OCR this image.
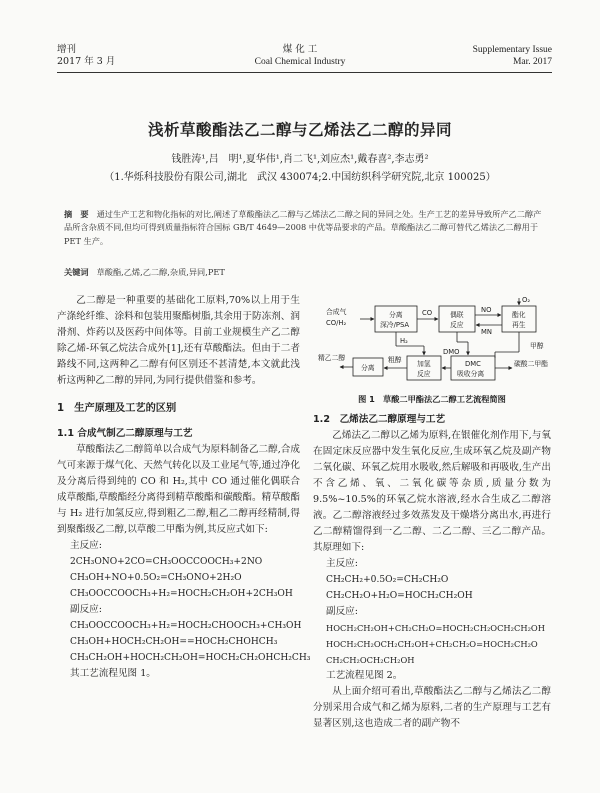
增刊
2017 年 3 月
煤 化 工
Coal Chemical Industry
Supplementary Issue
Mar. 2017
浅析草酸酯法乙二醇与乙烯法乙二醇的异同
钱胜涛¹,吕　明¹,夏华伟¹,肖二飞¹,刘应杰¹,戴春喜²,李志勇²
（1.华烁科技股份有限公司,湖北　武汉 430074;2.中国纺织科学研究院,北京 100025）
摘　要 通过生产工艺和物化指标的对比,阐述了草酸酯法乙二醇与乙烯法乙二醇之间的异同之处。生产工艺的差异导致所产乙二醇产品所含杂质不同,但均可得到质量指标符合国标 GB/T 4649—2008 中优等品要求的产品。草酸酯法乙二醇可替代乙烯法乙二醇用于 PET 生产。
关键词 草酸酯,乙烯,乙二醇,杂质,异同,PET

乙二醇是一种重要的基础化工原料,70%以上用于生产涤纶纤维、涂料和包装用聚酯树脂,其余用于防冻剂、润滑剂、炸药以及医药中间体等。目前工业规模生产乙二醇除乙烯-环氧乙烷法合成外[1],还有草酸酯法。但由于二者路线不同,这两种乙二醇有何区别还不甚清楚,本文就此浅析这两种乙二醇的异同,为同行提供借鉴和参考。

1　生产原理及工艺的区别

1.1 合成气制乙二醇原理与工艺

草酸酯法乙二醇简单以合成气为原料制备乙二醇,合成气可来源于煤气化、天然气转化以及工业尾气等,通过净化及分离后得到纯的 CO 和 H₂,其中 CO 通过催化偶联合成草酸酯,草酸酯经分离得到精草酸酯和碳酸酯。精草酸酯与 H₂ 进行加氢反应,得到粗乙二醇,粗乙二醇再经精制,得到聚酯级乙二醇,以草酸二甲酯为例,其反应式如下:

主反应:

2CH₃ONO+2CO=CH₃OOCCOOCH₃+2NO

CH₃OH+NO+0.5O₂=CH₃ONO+2H₂O

CH₃OOCCOOCH₃+H₂=HOCH₂CH₂OH+2CH₃OH

副反应:

CH₃OOCCOOCH₃+H₂=HOCH₂CHOOCH₃+CH₃OH

CH₃OH+HOCH₂CH₂OH==HOCH₂CHOHCH₃

CH₃CH₂OH+HOCH₂CH₂OH=HOCH₂CH₂OHCH₂CH₃

其工艺流程见图 1。

合成气
CO/H₂
分离
深冷/PSA
偶联
反应
酯化
再生
加氢
反应
DMC
吸收分离
分离
粗醇
CO
H₂
NO
MN
O₂
甲醇
DMO
精乙二醇
碳酸二甲酯
图 1　草酸二甲酯法乙二醇工艺流程简图

1.2　乙烯法乙二醇原理与工艺

乙烯法乙二醇以乙烯为原料,在银催化剂作用下,与氧在固定床反应器中发生氧化反应,生成环氧乙烷及副产物二氧化碳、环氧乙烷用水吸收,然后解吸和再吸收,生产出不含乙烯、氧、二氧化碳等杂质,质量分数为 9.5%~10.5%的环氧乙烷水溶液,经水合生成乙二醇溶液。乙二醇溶液经过多效蒸发及干燥塔分离出水,再进行乙二醇精馏得到一乙二醇、二乙二醇、三乙二醇产品。其原理如下:

主反应:

CH₂CH₂+0.5O₂=CH₂CH₂O

CH₂CH₂O+H₂O=HOCH₂CH₂OH

副反应:

HOCH₂CH₂OH+CH₂CH₂O=HOCH₂CH₂OCH₂CH₂OH

HOCH₂CH₂OCH₂CH₂OH+CH₂CH₂O=HOCH₂CH₂O

CH₂CH₂OCH₂CH₂OH

工艺流程见图 2。

从上面介绍可看出,草酸酯法乙二醇与乙烯法乙二醇分别采用合成气和乙烯为原料,二者的生产原理与工艺有显著区别,这也造成二者的副产物不
